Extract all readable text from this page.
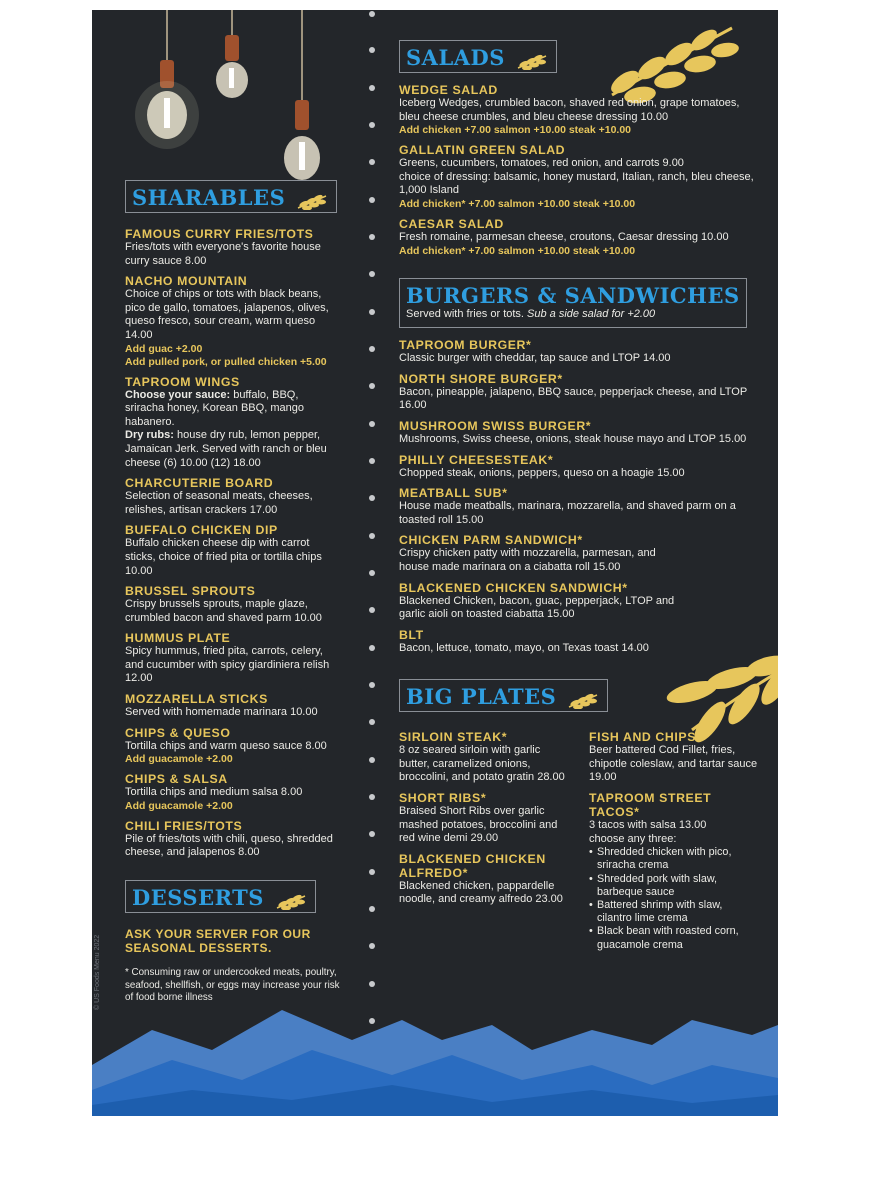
SHARABLES
FAMOUS CURRY FRIES/TOTS
Fries/tots with everyone's favorite house curry sauce 8.00
NACHO MOUNTAIN
Choice of chips or tots with black beans, pico de gallo, tomatoes, jalapenos, olives, queso fresco, sour cream, warm queso 14.00
Add guac +2.00
Add pulled pork, or pulled chicken +5.00
TAPROOM WINGS
Choose your sauce: buffalo, BBQ, sriracha honey, Korean BBQ, mango habanero.
Dry rubs: house dry rub, lemon pepper, Jamaican Jerk. Served with ranch or bleu cheese (6) 10.00 (12) 18.00
CHARCUTERIE BOARD
Selection of seasonal meats, cheeses, relishes, artisan crackers 17.00
BUFFALO CHICKEN DIP
Buffalo chicken cheese dip with carrot sticks, choice of fried pita or tortilla chips 10.00
BRUSSEL SPROUTS
Crispy brussels sprouts, maple glaze, crumbled bacon and shaved parm 10.00
HUMMUS PLATE
Spicy hummus, fried pita, carrots, celery, and cucumber with spicy giardiniera relish 12.00
MOZZARELLA STICKS
Served with homemade marinara 10.00
CHIPS & QUESO
Tortilla chips and warm queso sauce 8.00
Add guacamole +2.00
CHIPS & SALSA
Tortilla chips and medium salsa 8.00
Add guacamole +2.00
CHILI FRIES/TOTS
Pile of fries/tots with chili, queso, shredded cheese, and jalapenos 8.00
DESSERTS
ASK YOUR SERVER FOR OUR SEASONAL DESSERTS.
* Consuming raw or undercooked meats, poultry, seafood, shellfish, or eggs may increase your risk of food borne illness
© US Foods Menu 2022
SALADS
WEDGE SALAD
Iceberg Wedges, crumbled bacon, shaved red onion, grape tomatoes, bleu cheese crumbles, and bleu cheese dressing 10.00
Add chicken +7.00 salmon +10.00 steak +10.00
GALLATIN GREEN SALAD
Greens, cucumbers, tomatoes, red onion, and carrots 9.00
choice of dressing: balsamic, honey mustard, Italian, ranch, bleu cheese, 1,000 Island
Add chicken* +7.00 salmon +10.00 steak +10.00
CAESAR SALAD
Fresh romaine, parmesan cheese, croutons, Caesar dressing 10.00
Add chicken* +7.00 salmon +10.00 steak +10.00
BURGERS & SANDWICHES
Served with fries or tots. Sub a side salad for +2.00
TAPROOM BURGER*
Classic burger with cheddar, tap sauce and LTOP 14.00
NORTH SHORE BURGER*
Bacon, pineapple, jalapeno, BBQ sauce, pepperjack cheese, and LTOP 16.00
MUSHROOM SWISS BURGER*
Mushrooms, Swiss cheese, onions, steak house mayo and LTOP 15.00
PHILLY CHEESESTEAK*
Chopped steak, onions, peppers, queso on a hoagie 15.00
MEATBALL SUB*
House made meatballs, marinara, mozzarella, and shaved parm on a toasted roll 15.00
CHICKEN PARM SANDWICH*
Crispy chicken patty with mozzarella, parmesan, and house made marinara on a ciabatta roll 15.00
BLACKENED CHICKEN SANDWICH*
Blackened Chicken, bacon, guac, pepperjack, LTOP and garlic aioli on toasted ciabatta 15.00
BLT
Bacon, lettuce, tomato, mayo, on Texas toast 14.00
BIG PLATES
SIRLOIN STEAK*
8 oz seared sirloin with garlic butter, caramelized onions, broccolini, and potato gratin 28.00
SHORT RIBS*
Braised Short Ribs over garlic mashed potatoes, broccolini and red wine demi 29.00
BLACKENED CHICKEN ALFREDO*
Blackened chicken, pappardelle noodle, and creamy alfredo 23.00
FISH AND CHIPS*
Beer battered Cod Fillet, fries, chipotle coleslaw, and tartar sauce 19.00
TAPROOM STREET TACOS*
3 tacos with salsa 13.00
choose any three:
• Shredded chicken with pico, sriracha crema
• Shredded pork with slaw, barbeque sauce
• Battered shrimp with slaw, cilantro lime crema
• Black bean with roasted corn, guacamole crema
